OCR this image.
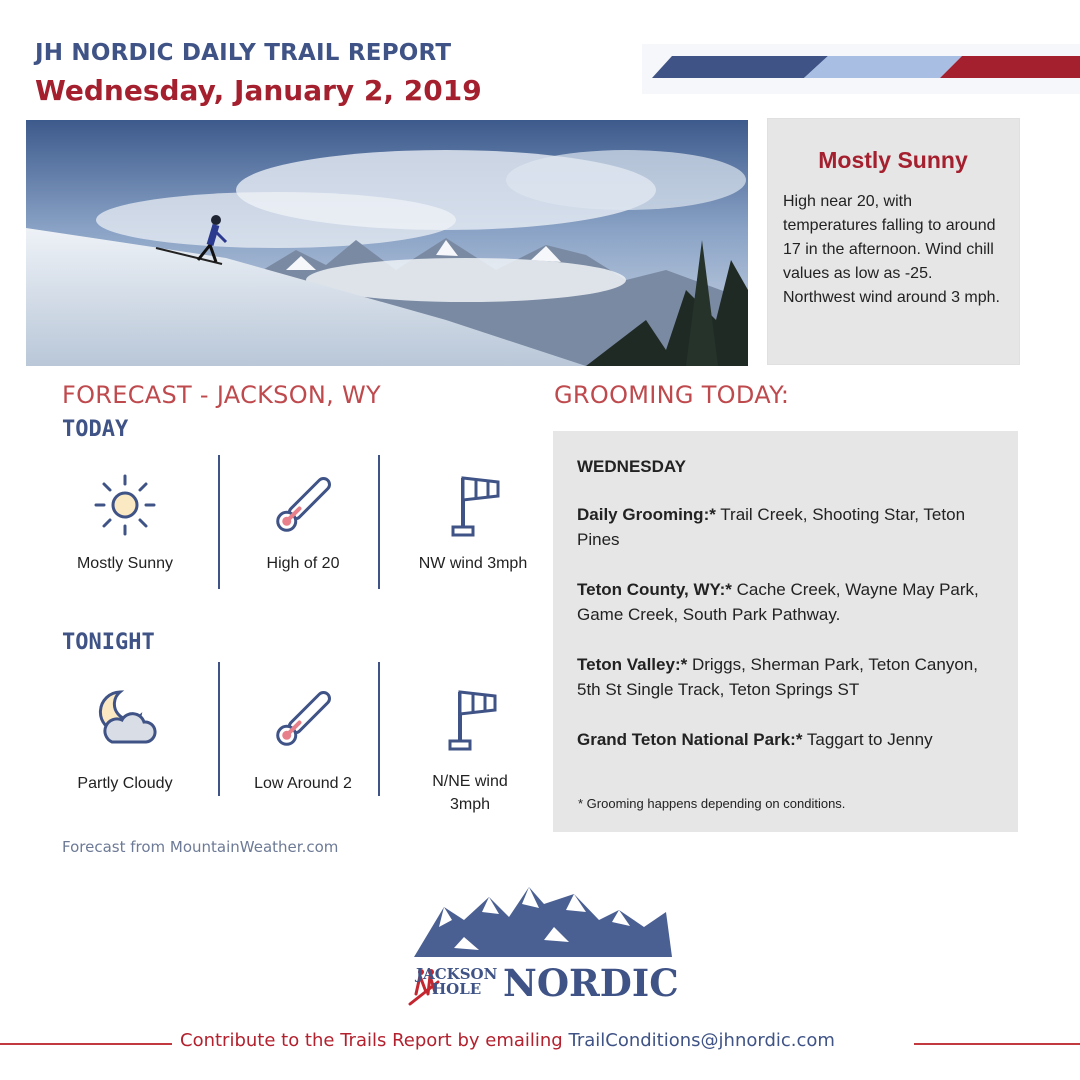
JH NORDIC DAILY TRAIL REPORT
Wednesday, January 2, 2019
Mostly Sunny
High near 20, with temperatures falling to around 17 in the afternoon. Wind chill values as low as -25. Northwest wind around 3 mph.
FORECAST - JACKSON, WY
TODAY
Mostly Sunny	High of 20	NW wind 3mph
TONIGHT
Partly Cloudy	Low Around 2	N/NE wind 3mph
Forecast from MountainWeather.com
GROOMING TODAY:
WEDNESDAY
Daily Grooming:* Trail Creek, Shooting Star, Teton Pines
Teton County, WY:* Cache Creek, Wayne May Park, Game Creek, South Park Pathway.
Teton Valley:* Driggs, Sherman Park, Teton Canyon, 5th St Single Track, Teton Springs ST
Grand Teton National Park:* Taggart to Jenny
* Grooming happens depending on conditions.
JACKSON
HOLE NORDIC
Contribute to the Trails Report by emailing TrailConditions@jhnordic.com
